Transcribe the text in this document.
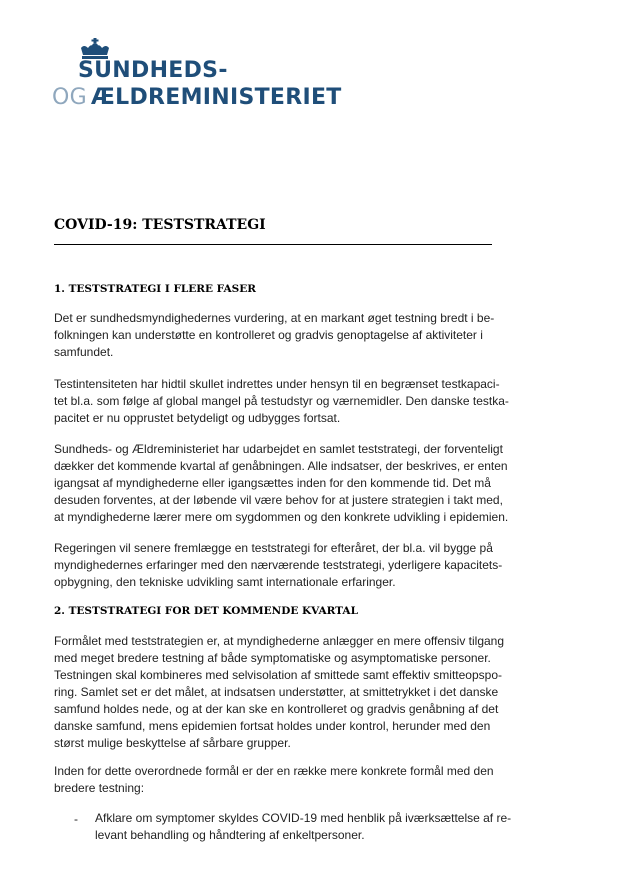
SUNDHEDS-
OG ÆLDREMINISTERIET
COVID-19: TESTSTRATEGI
1. TESTSTRATEGI I FLERE FASER
Det er sundhedsmyndighedernes vurdering, at en markant øget testning bredt i be-
folkningen kan understøtte en kontrolleret og gradvis genoptagelse af aktiviteter i
samfundet.
Testintensiteten har hidtil skullet indrettes under hensyn til en begrænset testkapaci-
tet bl.a. som følge af global mangel på testudstyr og værnemidler. Den danske testka-
pacitet er nu opprustet betydeligt og udbygges fortsat.
Sundheds- og Ældreministeriet har udarbejdet en samlet teststrategi, der forventeligt
dækker det kommende kvartal af genåbningen. Alle indsatser, der beskrives, er enten
igangsat af myndighederne eller igangsættes inden for den kommende tid. Det må
desuden forventes, at der løbende vil være behov for at justere strategien i takt med,
at myndighederne lærer mere om sygdommen og den konkrete udvikling i epidemien.
Regeringen vil senere fremlægge en teststrategi for efteråret, der bl.a. vil bygge på
myndighedernes erfaringer med den nærværende teststrategi, yderligere kapacitets-
opbygning, den tekniske udvikling samt internationale erfaringer.
2. TESTSTRATEGI FOR DET KOMMENDE KVARTAL
Formålet med teststrategien er, at myndighederne anlægger en mere offensiv tilgang
med meget bredere testning af både symptomatiske og asymptomatiske personer.
Testningen skal kombineres med selvisolation af smittede samt effektiv smitteopspo-
ring. Samlet set er det målet, at indsatsen understøtter, at smittetrykket i det danske
samfund holdes nede, og at der kan ske en kontrolleret og gradvis genåbning af det
danske samfund, mens epidemien fortsat holdes under kontrol, herunder med den
størst mulige beskyttelse af sårbare grupper.
Inden for dette overordnede formål er der en række mere konkrete formål med den
bredere testning:
- Afklare om symptomer skyldes COVID-19 med henblik på iværksættelse af re-
levant behandling og håndtering af enkeltpersoner.
